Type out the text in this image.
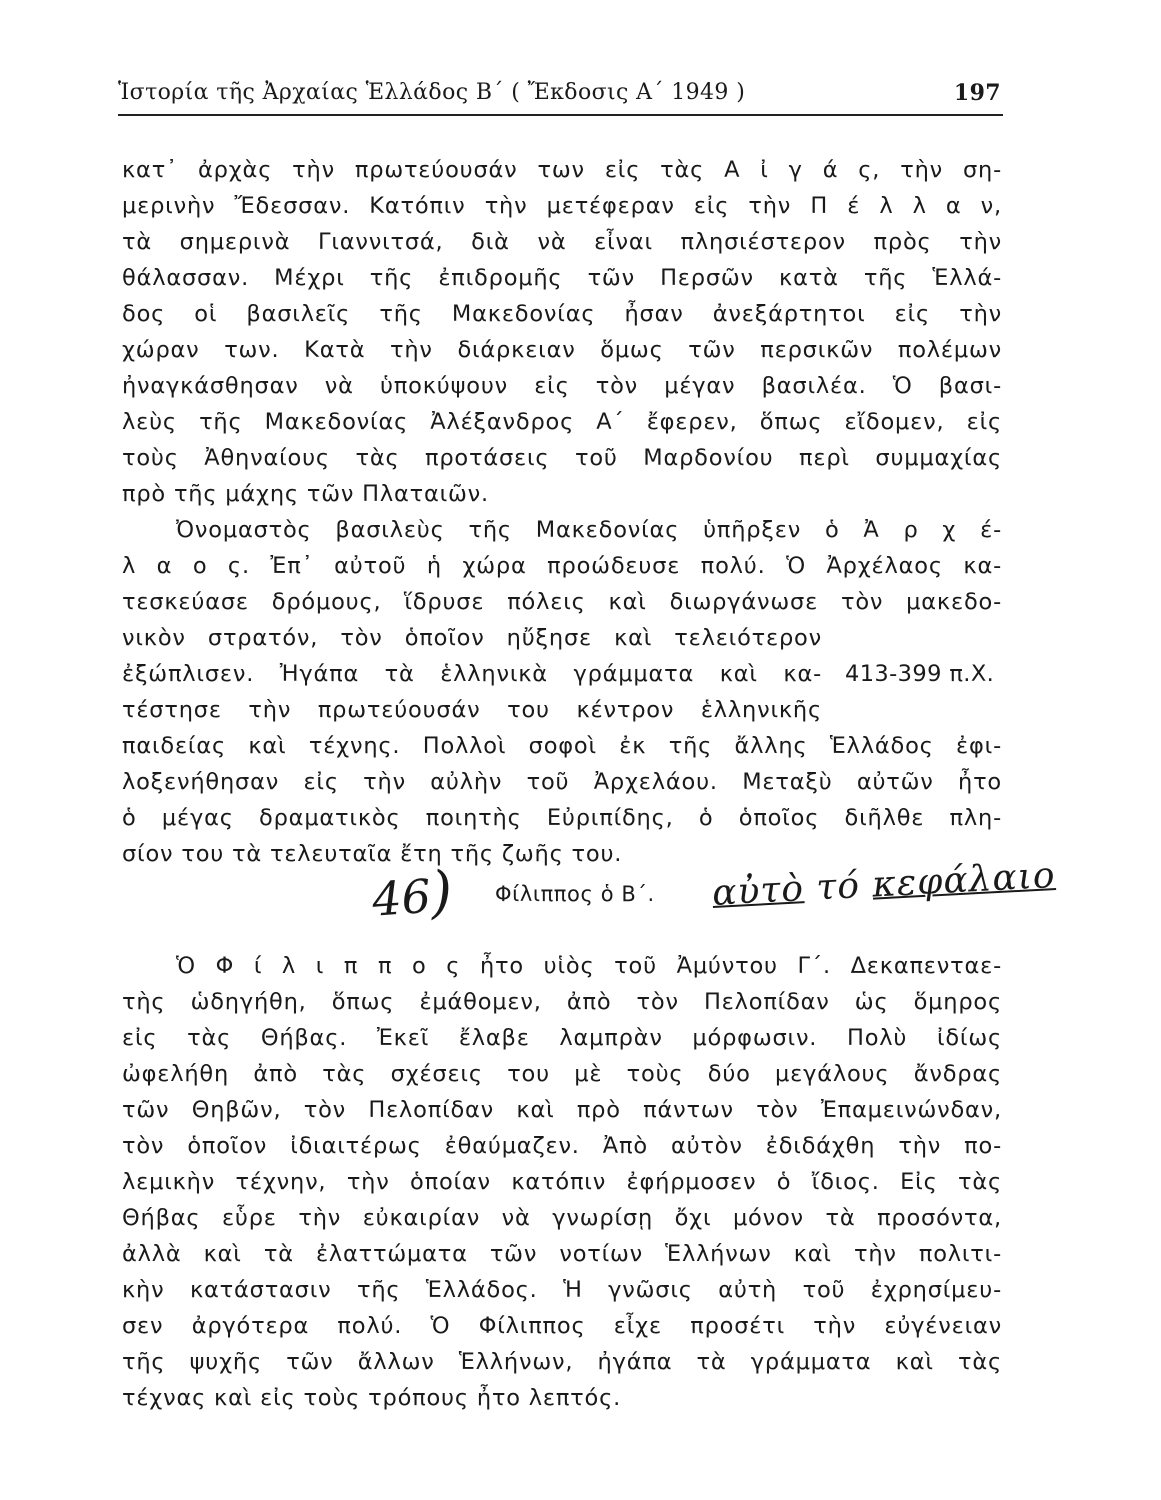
Ἱστορία τῆς Ἀρχαίας Ἑλλάδος Β΄ ( Ἔκδοσις Α΄ 1949 )	197
κατ᾽ ἀρχὰς τὴν πρωτεύουσάν των εἰς τὰς Α ἰ γ ά ς, τὴν ση-
μερινὴν Ἔδεσσαν. Κατόπιν τὴν μετέφεραν εἰς τὴν Π έ λ λ α ν,
τὰ σημερινὰ Γιαννιτσά, διὰ νὰ εἶναι πλησιέστερον πρὸς τὴν
θάλασσαν. Μέχρι τῆς ἐπιδρομῆς τῶν Περσῶν κατὰ τῆς Ἑλλά-
δος οἱ βασιλεῖς τῆς Μακεδονίας ἦσαν ἀνεξάρτητοι εἰς τὴν
χώραν των. Κατὰ τὴν διάρκειαν ὅμως τῶν περσικῶν πολέμων
ἠναγκάσθησαν νὰ ὑποκύψουν εἰς τὸν μέγαν βασιλέα. Ὁ βασι-
λεὺς τῆς Μακεδονίας Ἀλέξανδρος Α΄ ἔφερεν, ὅπως εἴδομεν, εἰς
τοὺς Ἀθηναίους τὰς προτάσεις τοῦ Μαρδονίου περὶ συμμαχίας
πρὸ τῆς μάχης τῶν Πλαταιῶν.
Ὀνομαστὸς βασιλεὺς τῆς Μακεδονίας ὑπῆρξεν ὁ Ἀ ρ χ έ-
λ α ο ς. Ἐπ᾽ αὐτοῦ ἡ χώρα προώδευσε πολύ. Ὁ Ἀρχέλαος κα-
τεσκεύασε δρόμους, ἵδρυσε πόλεις καὶ διωργάνωσε τὸν μακεδο-
νικὸν στρατόν, τὸν ὁποῖον ηὔξησε καὶ τελειότερον
ἐξώπλισεν. Ἠγάπα τὰ ἑλληνικὰ γράμματα καὶ κα-
τέστησε τὴν πρωτεύουσάν του κέντρον ἑλληνικῆς
παιδείας καὶ τέχνης. Πολλοὶ σοφοὶ ἐκ τῆς ἄλλης Ἑλλάδος ἐφι-
λοξενήθησαν εἰς τὴν αὐλὴν τοῦ Ἀρχελάου. Μεταξὺ αὐτῶν ἦτο
ὁ μέγας δραματικὸς ποιητὴς Εὐριπίδης, ὁ ὁποῖος διῆλθε πλη-
σίον του τὰ τελευταῖα ἔτη τῆς ζωῆς του.
413-399 π.Χ.
46) Φίλιππος ὁ Β΄. αὐτὸ τό κεφάλαιο
Ὁ Φ ί λ ι π π ο ς ἦτο υἱὸς τοῦ Ἀμύντου Γ΄. Δεκαπενταε-
τὴς ὡδηγήθη, ὅπως ἐμάθομεν, ἀπὸ τὸν Πελοπίδαν ὡς ὅμηρος
εἰς τὰς Θήβας. Ἐκεῖ ἔλαβε λαμπρὰν μόρφωσιν. Πολὺ ἰδίως
ὠφελήθη ἀπὸ τὰς σχέσεις του μὲ τοὺς δύο μεγάλους ἄνδρας
τῶν Θηβῶν, τὸν Πελοπίδαν καὶ πρὸ πάντων τὸν Ἐπαμεινώνδαν,
τὸν ὁποῖον ἰδιαιτέρως ἐθαύμαζεν. Ἀπὸ αὐτὸν ἐδιδάχθη τὴν πο-
λεμικὴν τέχνην, τὴν ὁποίαν κατόπιν ἐφήρμοσεν ὁ ἴδιος. Εἰς τὰς
Θήβας εὗρε τὴν εὐκαιρίαν νὰ γνωρίσῃ ὄχι μόνον τὰ προσόντα,
ἀλλὰ καὶ τὰ ἐλαττώματα τῶν νοτίων Ἑλλήνων καὶ τὴν πολιτι-
κὴν κατάστασιν τῆς Ἑλλάδος. Ἡ γνῶσις αὐτὴ τοῦ ἐχρησίμευ-
σεν ἀργότερα πολύ. Ὁ Φίλιππος εἶχε προσέτι τὴν εὐγένειαν
τῆς ψυχῆς τῶν ἄλλων Ἑλλήνων, ἠγάπα τὰ γράμματα καὶ τὰς
τέχνας καὶ εἰς τοὺς τρόπους ἦτο λεπτός.
